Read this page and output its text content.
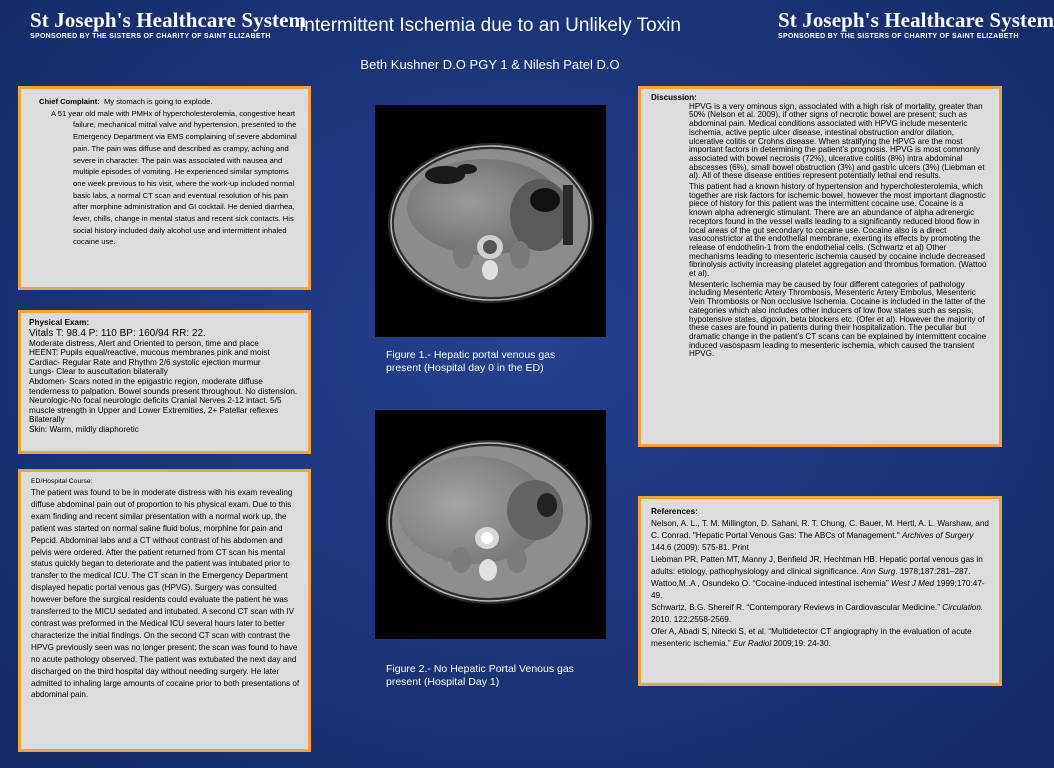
St Joseph's Healthcare System
SPONSORED BY THE SISTERS OF CHARITY OF SAINT ELIZABETH
Intermittent Ischemia due to an Unlikely Toxin
Beth Kushner D.O PGY 1 & Nilesh Patel D.O
St Joseph's Healthcare System
SPONSORED BY THE SISTERS OF CHARITY OF SAINT ELIZABETH
Chief Complaint: My stomach is going to explode.
A 51 year old male with PMHx of hypercholesterolemia, congestive heart failure, mechanical mitral valve and hypertension, presented to the Emergency Department via EMS complaining of severe abdominal pain. The pain was diffuse and described as crampy, aching and severe in character. The pain was associated with nausea and multiple episodes of vomiting. He experienced similar symptoms one week previous to his visit, where the work-up included normal basic labs, a normal CT scan and eventual resolution of his pain after morphine administration and GI cocktail. He denied diarrhea, fever, chills, change in mental status and recent sick contacts. His social history included daily alcohol use and intermittent inhaled cocaine use.
Physical Exam:
Vitals T: 98.4 P: 110 BP: 160/94 RR: 22.
Moderate distress, Alert and Oriented to person, time and place
HEENT: Pupils equal/reactive, mucous membranes pink and moist
Cardiac- Regular Rate and Rhythm 2/6 systolic ejection murmur
Lungs- Clear to auscultation bilaterally
Abdomen- Scars noted in the epigastric region, moderate diffuse tenderness to palpation. Bowel sounds present throughout. No distension.
Neurologic-No focal neurologic deficits Cranial Nerves 2-12 intact. 5/5 muscle strength in Upper and Lower Extremities, 2+ Patellar reflexes Bilaterally
Skin: Warm, mildly diaphoretic
ED/Hospital Course:
The patient was found to be in moderate distress with his exam revealing diffuse abdominal pain out of proportion to his physical exam. Due to this exam finding and recent similar presentation with a normal work up, the patient was started on normal saline fluid bolus, morphine for pain and Pepcid. Abdominal labs and a CT without contrast of his abdomen and pelvis were ordered. After the patient returned from CT scan his mental status quickly began to deteriorate and the patient was intubated prior to transfer to the medical ICU. The CT scan in the Emergency Department displayed hepatic portal venous gas (HPVG). Surgery was consulted however before the surgical residents could evaluate the patient he was transferred to the MICU sedated and intubated. A second CT scan with IV contrast was preformed in the Medical ICU several hours later to better characterize the initial findings. On the second CT scan with contrast the HPVG previously seen was no longer present; the scan was found to have no acute pathology observed. The patient was extubated the next day and discharged on the third hospital day without needing surgery. He later admitted to inhaling large amounts of cocaine prior to both presentations of abdominal pain.
Figure 1.- Hepatic portal venous gas present (Hospital day 0 in the ED)
Figure 2.- No Hepatic Portal Venous gas present (Hospital Day 1)
Discussion:

HPVG is a very ominous sign, associated with a high risk of mortality, greater than 50% (Nelson et al. 2009), if other signs of necrotic bowel are present; such as abdominal pain. Medical conditions associated with HPVG include mesenteric ischemia, active peptic ulcer disease, intestinal obstruction and/or dilation, ulcerative colitis or Crohns disease. When stratifying the HPVG are the most important factors in determining the patient’s prognosis. HPVG is most commonly associated with bowel necrosis (72%), ulcerative colitis (8%) intra abdominal abscesses (6%), small bowel obstruction (3%) and gastric ulcers (3%) (Liebman et al). All of these disease entities represent potentially lethal end results.

This patient had a known history of hypertension and hypercholesterolemia, which together are risk factors for ischemic bowel, however the most important diagnostic piece of history for this patient was the intermittent cocaine use. Cocaine is a known alpha adrenergic stimulant. There are an abundance of alpha adrenergic receptors found in the vessel walls leading to a significantly reduced blood flow in local areas of the gut secondary to cocaine use. Cocaine also is a direct vasoconstrictor at the endothelial membrane, exerting its effects by promoting the release of endothelin-1 from the endothelial cells. (Schwartz et al) Other mechanisms leading to mesenteric ischemia caused by cocaine include decreased fibrinolysis activity increasing platelet aggregation and thrombus formation. (Wattoo et al).

Mesenteric Ischemia may be caused by four different categories of pathology including Mesenteric Artery Thrombosis, Mesenteric Artery Embolus, Mesenteric Vein Thrombosis or Non occlusive Ischemia. Cocaine is included in the latter of the categories which also includes other inducers of low flow states such as sepsis, hypotensive states, digoxin, beta blockers etc. (Ofer et al). However the majority of these cases are found in patients during their hospitalization. The peculiar but dramatic change in the patient’s CT scans can be explained by intermittent cocaine induced vasospasm leading to mesenteric ischemia, which caused the transient HPVG.

References:

Nelson, A. L., T. M. Millington, D. Sahani, R. T. Chung, C. Bauer, M. Hertl, A. L. Warshaw, and C. Conrad. "Hepatic Portal Venous Gas: The ABCs of Management." Archives of Surgery 144.6 (2009): 575-81. Print

Liebman PR, Patten MT, Manny J, Benfield JR, Hechtman HB. Hepatic portal venous gas in adults: etiology, pathophysiology and clinical significance. Ann Surg. 1978;187:281–287.

Wattoo,M..A , Osundeko O. “Cocaine-induced intestinal ischemia” West J Med 1999;170:47-49.

Schwartz, B.G. Shereif R. “Contemporary Reviews in Cardiovascular Medicine.” Circulation. 2010. 122:2558-2569.

Ofer A, Abadi S, Nitecki S, et al. “Multidetector CT angiography in the evaluation of acute mesenteric ischemia.” Eur Radiol 2009;19: 24-30.
